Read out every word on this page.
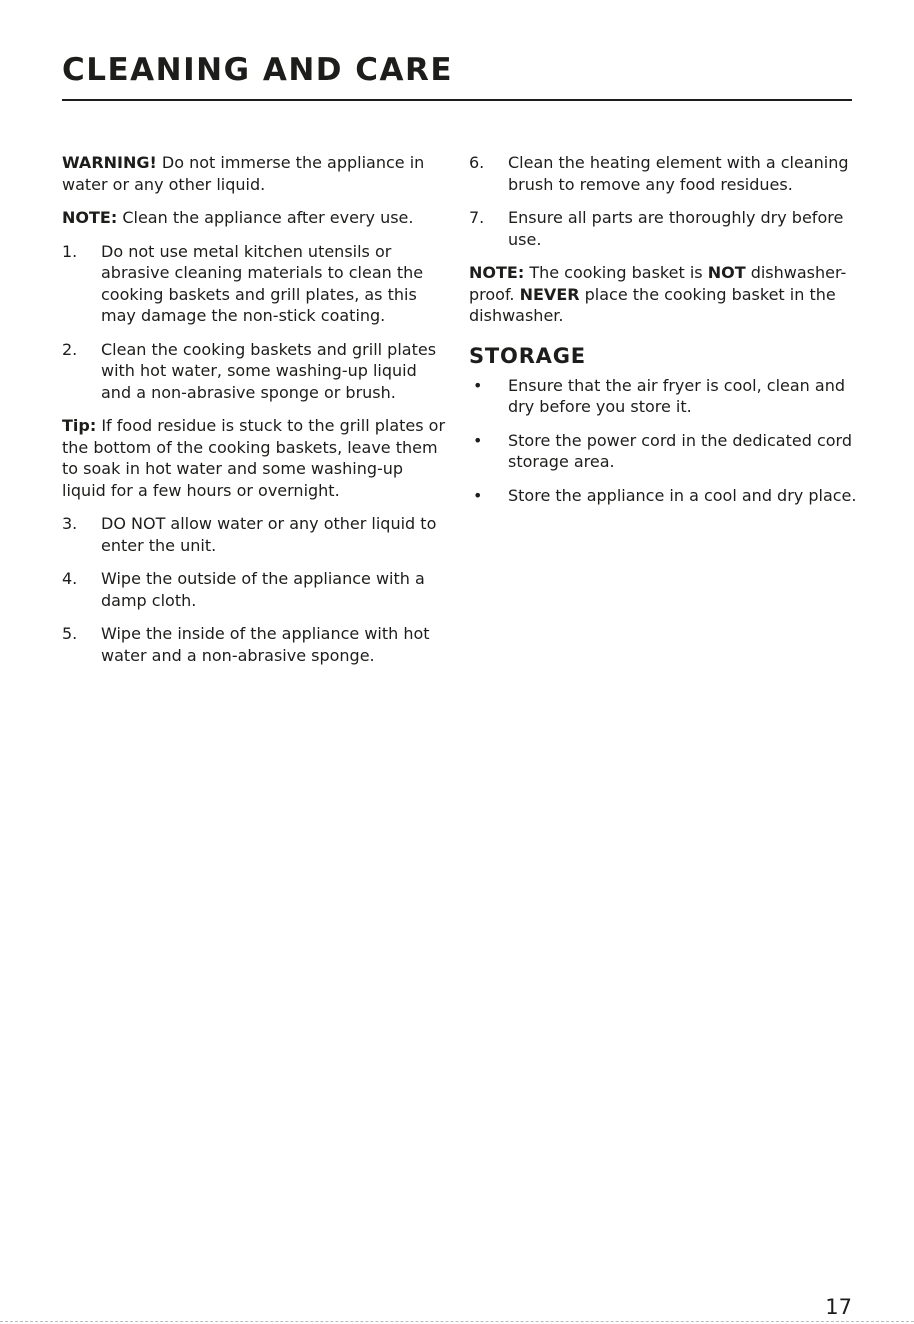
CLEANING AND CARE

WARNING! Do not immerse the appliance in water or any other liquid.

NOTE: Clean the appliance after every use.

1. Do not use metal kitchen utensils or abrasive cleaning materials to clean the cooking baskets and grill plates, as this may damage the non-stick coating.
2. Clean the cooking baskets and grill plates with hot water, some washing-up liquid and a non-abrasive sponge or brush.

Tip: If food residue is stuck to the grill plates or the bottom of the cooking baskets, leave them to soak in hot water and some washing-up liquid for a few hours or overnight.

3. DO NOT allow water or any other liquid to enter the unit.
4. Wipe the outside of the appliance with a damp cloth.
5. Wipe the inside of the appliance with hot water and a non-abrasive sponge.
6. Clean the heating element with a cleaning brush to remove any food residues.
7. Ensure all parts are thoroughly dry before use.

NOTE: The cooking basket is NOT dishwasher-proof. NEVER place the cooking basket in the dishwasher.

STORAGE
• Ensure that the air fryer is cool, clean and dry before you store it.
• Store the power cord in the dedicated cord storage area.
• Store the appliance in a cool and dry place.
17
